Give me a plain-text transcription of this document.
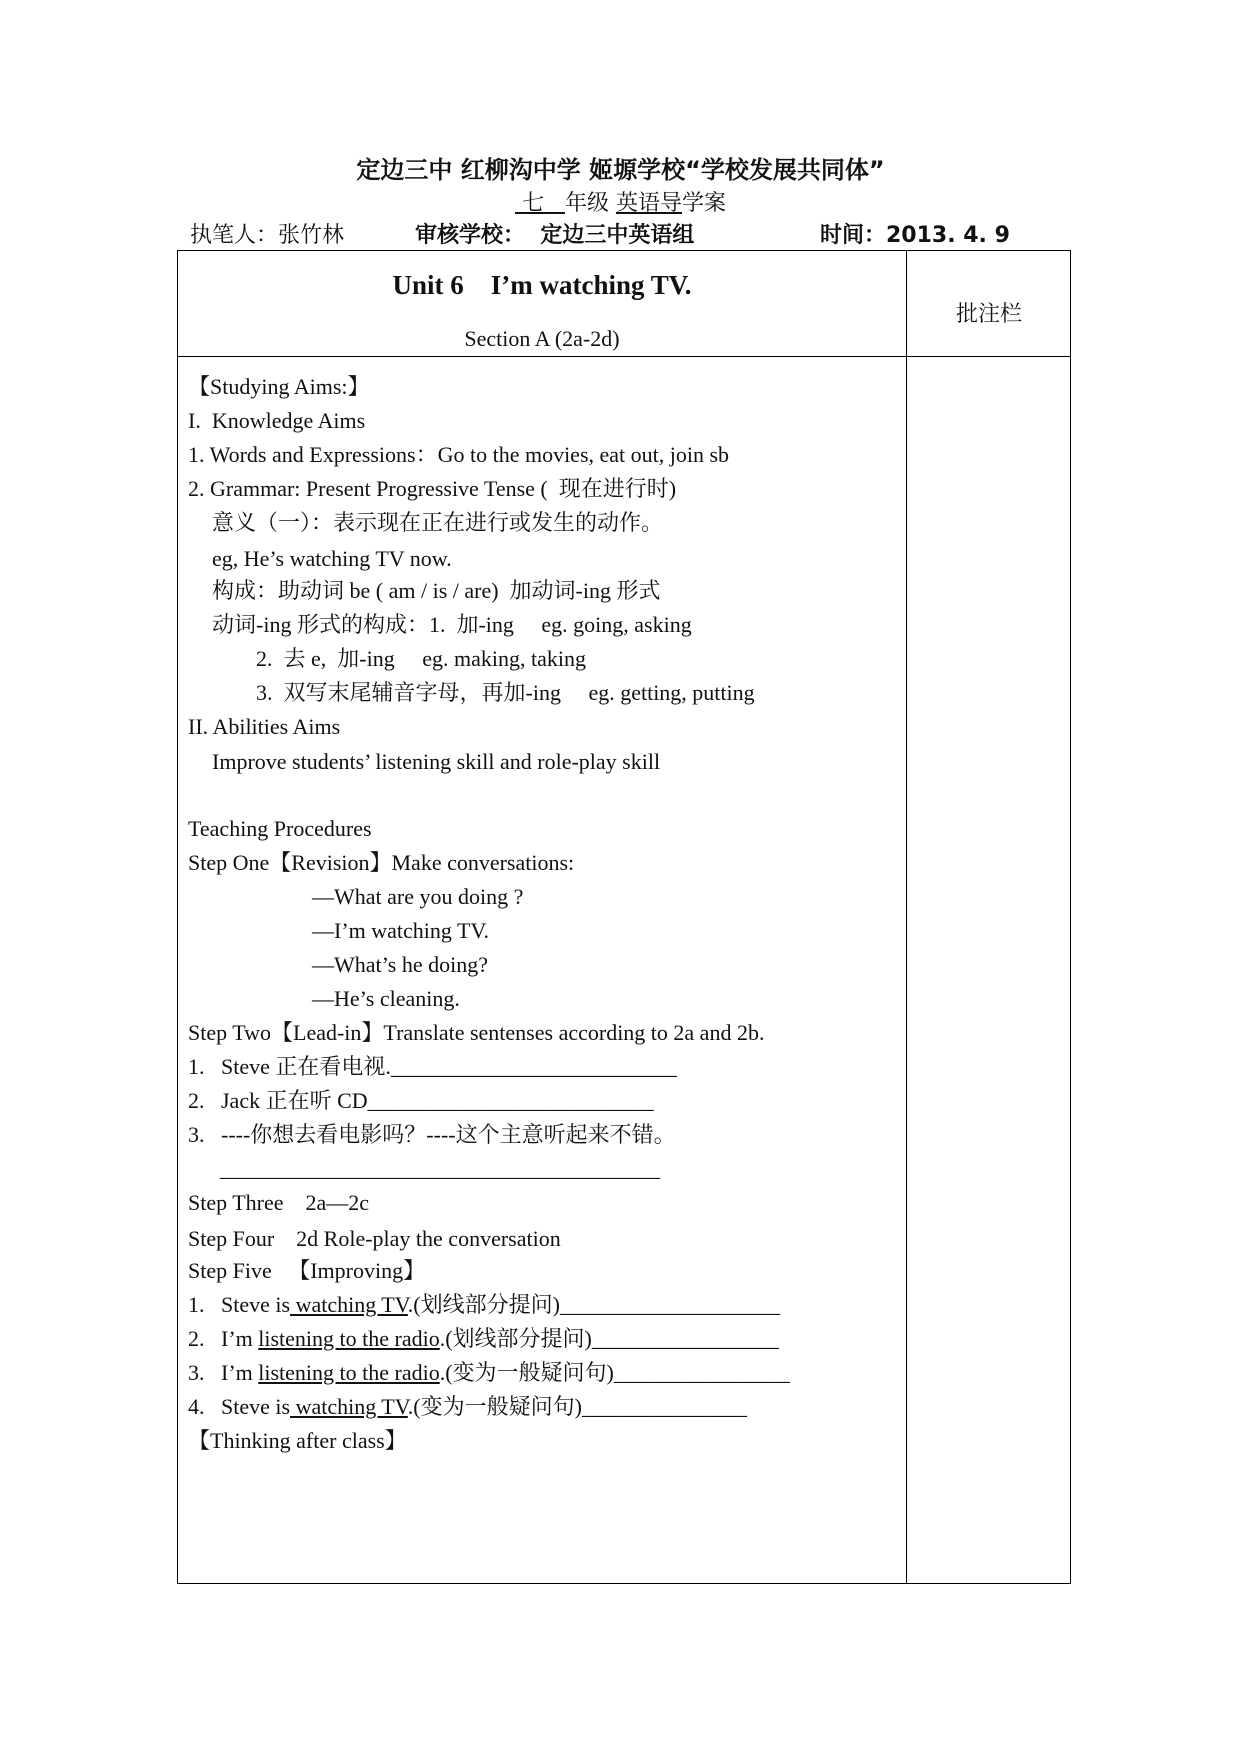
定边三中 红柳沟中学 姬塬学校“学校发展共同体”
七 年级 英语导学案
执笔人：张竹林	审核学校：  定边三中英语组	时间：2013. 4. 9
Unit 6    I’m watching TV.
Section A (2a-2d)
批注栏
【Studying Aims:】
I.  Knowledge Aims
1. Words and Expressions：Go to the movies, eat out, join sb
2. Grammar: Present Progressive Tense (  现在进行时)
意义（一）：表示现在正在进行或发生的动作。
eg, He’s watching TV now.
构成：助动词 be ( am / is / are)  加动词-ing 形式
动词-ing 形式的构成：1.  加-ing     eg. going, asking
2.  去 e,  加-ing     eg. making, taking
3.  双写末尾辅音字母，再加-ing     eg. getting, putting
II. Abilities Aims
Improve students’ listening skill and role-play skill
Teaching Procedures
Step One【Revision】Make conversations:
—What are you doing ?
—I’m watching TV.
—What’s he doing?
—He’s cleaning.
Step Two【Lead-in】Translate sentenses according to 2a and 2b.
1.   Steve 正在看电视.__________________________
2.   Jack 正在听 CD__________________________
3.   ----你想去看电影吗？----这个主意听起来不错。
________________________________________
Step Three    2a—2c
Step Four    2d Role-play the conversation
Step Five   【Improving】
1.   Steve is watching TV.(划线部分提问)____________________
2.   I’m listening to the radio.(划线部分提问)_________________
3.   I’m listening to the radio.(变为一般疑问句)________________
4.   Steve is watching TV.(变为一般疑问句)_______________
【Thinking after class】
